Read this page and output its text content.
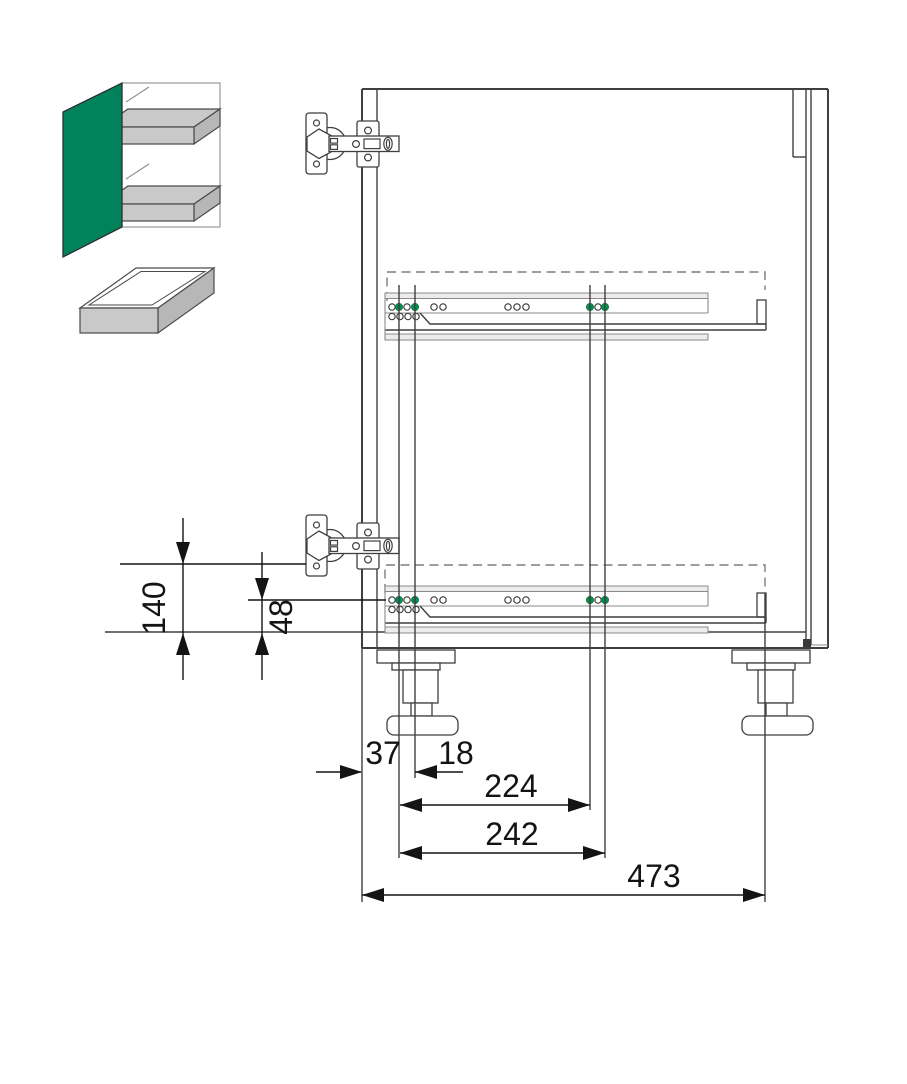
140	48
37 18
224
242
473
